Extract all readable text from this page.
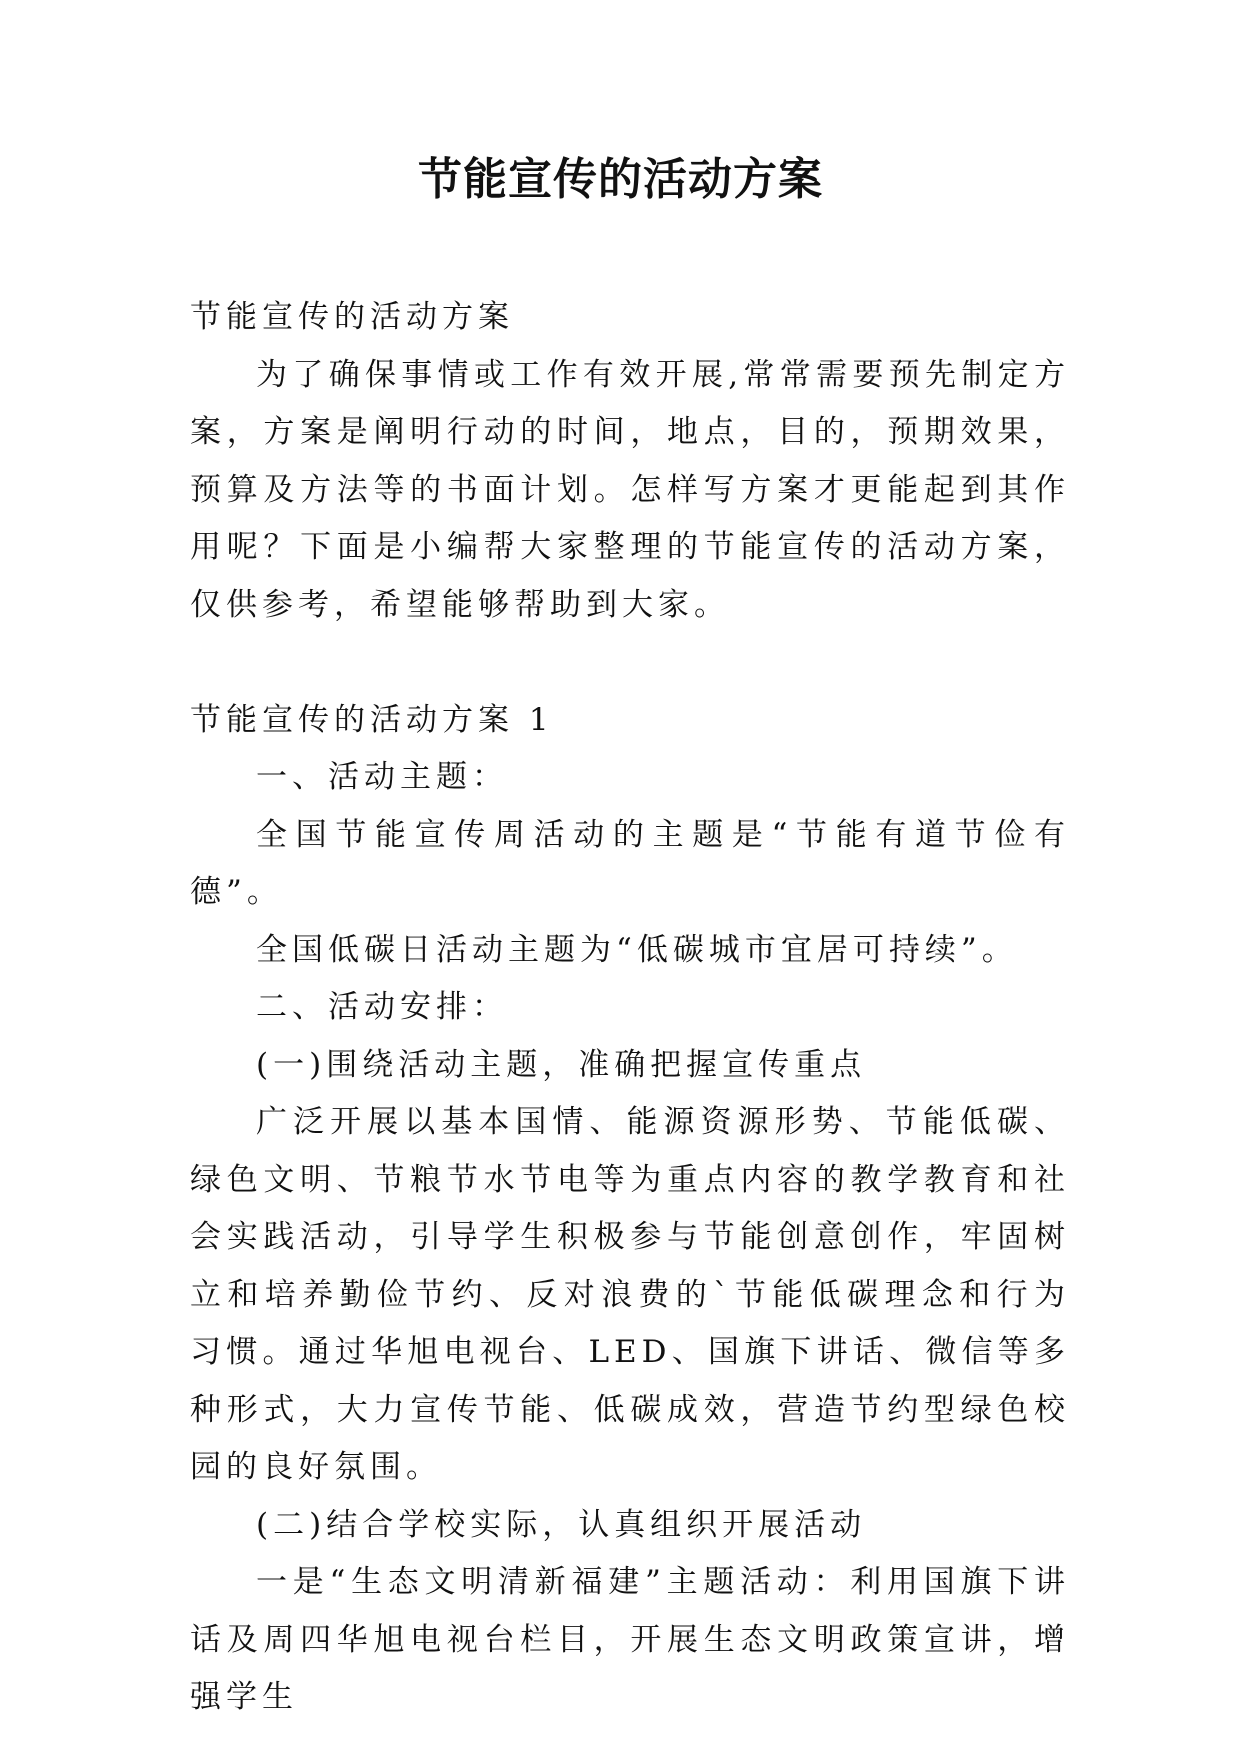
节能宣传的活动方案

节能宣传的活动方案

为了确保事情或工作有效开展,常常需要预先制定方案，方案是阐明行动的时间，地点，目的，预期效果，预算及方法等的书面计划。怎样写方案才更能起到其作用呢？下面是小编帮大家整理的节能宣传的活动方案，仅供参考，希望能够帮助到大家。

节能宣传的活动方案 1

一、活动主题：

全国节能宣传周活动的主题是“节能有道节俭有德”。

全国低碳日活动主题为“低碳城市宜居可持续”。

二、活动安排：

(一)围绕活动主题，准确把握宣传重点

广泛开展以基本国情、能源资源形势、节能低碳、绿色文明、节粮节水节电等为重点内容的教学教育和社会实践活动，引导学生积极参与节能创意创作，牢固树立和培养勤俭节约、反对浪费的`节能低碳理念和行为习惯。通过华旭电视台、LED、国旗下讲话、微信等多种形式，大力宣传节能、低碳成效，营造节约型绿色校园的良好氛围。

(二)结合学校实际，认真组织开展活动

一是“生态文明清新福建”主题活动：利用国旗下讲话及周四华旭电视台栏目，开展生态文明政策宣讲，增强学生
